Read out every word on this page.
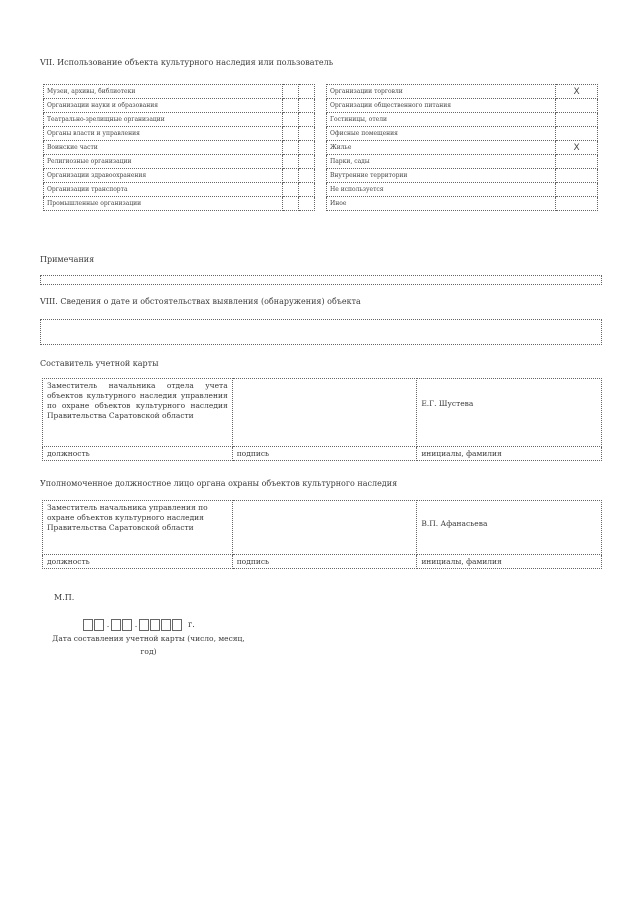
VII. Использование объекта культурного наследия или пользователь
Музеи, архивы, библиотеки		
Организации науки и образования		
Театрально-зрелищные организации		
Органы власти и управления		
Воинские части		
Религиозные организации		
Организации здравоохранения		
Организации транспорта		
Промышленные организации		
Организации торговли	X
Организации общественного питания	
Гостиницы, отели	
Офисные помещения	
Жилье	X
Парки, сады	
Внутренние территории	
Не используется	
Иное	
Примечания
VIII. Сведения о дате и обстоятельствах выявления (обнаружения) объекта
Составитель учетной карты
Заместитель начальника отдела учета объектов культурного наследия управления по охране объектов культурного наследия Правительства Саратовской области		Е.Г. Шустева

должность	подпись	инициалы, фамилия
Уполномоченное должностное лицо органа охраны объектов культурного наследия
Заместитель начальника управления по охране объектов культурного наследия Правительства Саратовской области		В.П. Афанасьева

должность	подпись	инициалы, фамилия
М.П.
.	.	г.
Дата составления учетной карты (число, месяц, год)
